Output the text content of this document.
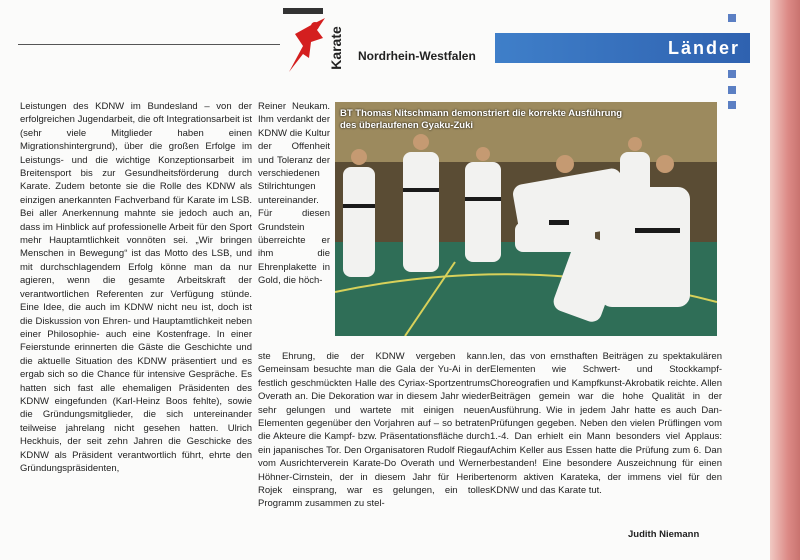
Karate Nordrhein-Westfalen	Länder
Leistungen des KDNW im Bundesland – von der erfolgreichen Jugendarbeit, die oft Integrationsarbeit ist (sehr viele Mitglieder haben einen Migrationshintergrund), über die großen Erfolge im Leistungs- und die wichtige Konzeptionsarbeit im Breitensport bis zur Gesundheitsförderung durch Karate. Zudem betonte sie die Rolle des KDNW als einzigen anerkannten Fachverband für Karate im LSB. Bei aller Anerkennung mahnte sie jedoch auch an, dass im Hinblick auf professionelle Arbeit für den Sport mehr Hauptamtlichkeit vonnöten sei. „Wir bringen Menschen in Bewegung“ ist das Motto des LSB, und mit durchschlagendem Erfolg könne man da nur agieren, wenn die gesamte Arbeitskraft der verantwortlichen Referenten zur Verfügung stünde. Eine Idee, die auch im KDNW nicht neu ist, doch ist die Diskussion von Ehren- und Hauptamtlichkeit neben einer Philosophie- auch eine Kostenfrage. In einer Feierstunde erinnerten die Gäste die Geschichte und die aktuelle Situation des KDNW präsentiert und es ergab sich so die Chance für intensive Gespräche. Es hatten sich fast alle ehemaligen Präsidenten des KDNW eingefunden (Karl-Heinz Boos fehlte), sowie die Gründungsmitglieder, die sich untereinander teilweise jahrelang nicht gesehen hatten. Ulrich Heckhuis, der seit zehn Jahren die Geschicke des KDNW als Präsident verantwortlich führt, ehrte den Gründungspräsidenten,
Reiner Neukam. Ihm verdankt der KDNW die Kultur der Offenheit und Toleranz der verschiedenen Stilrichtungen untereinander. Für diesen Grundstein überreichte er ihm die Ehrenplakette in Gold, die höch-
BT Thomas Nitschmann demonstriert die korrekte Ausführung des überlaufenen Gyaku-Zuki
ste Ehrung, die der KDNW vergeben kann. Gemeinsam besuchte man die Gala der Yu-Ai in der festlich geschmückten Halle des Cyriax-Sportzentrums Overath an. Die Dekoration war in diesem Jahr wieder sehr gelungen und wartete mit einigen neuen Elementen gegenüber den Vorjahren auf – so betraten die Akteure die Kampf- bzw. Präsentationsfläche durch ein japanisches Tor. Den Organisatoren Rudolf Riegauf vom Ausrichterverein Karate-Do Overath und Werner Höhner-Cirnstein, der in diesem Jahr für Heribert Rojek einsprang, war es gelungen, ein tolles Programm zusammen zu stel-
len, das von ernsthaften Beiträgen zu spektakulären Elementen wie Schwert- und Stockkampf-Choreografien und Kampfkunst-Akrobatik reichte. Allen Beiträgen gemein war die hohe Qualität in der Ausführung. Wie in jedem Jahr hatte es auch Dan-Prüfungen gegeben. Neben den vielen Prüflingen vom 1.-4. Dan erhielt ein Mann besonders viel Applaus: Achim Keller aus Essen hatte die Prüfung zum 6. Dan bestanden! Eine besondere Auszeichnung für einen enorm aktiven Karateka, der immens viel für den KDNW und das Karate tut.
Judith Niemann
